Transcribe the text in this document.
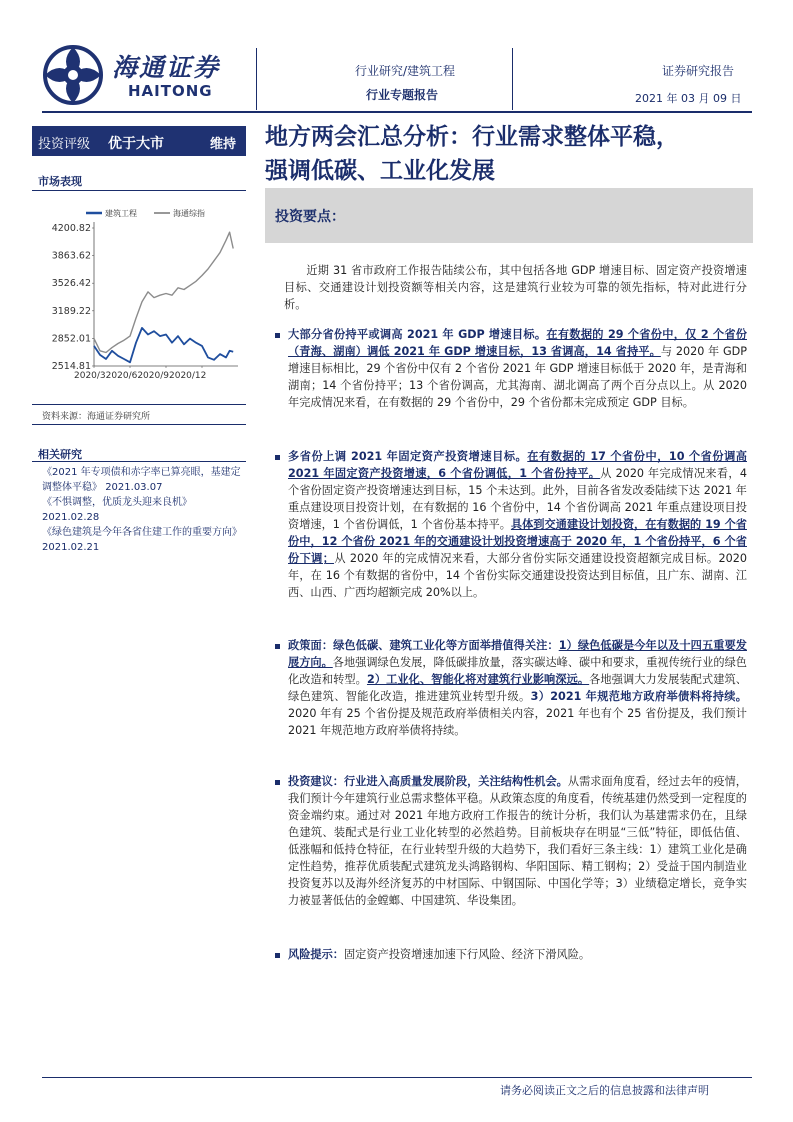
海通证券
HAITONG
行业研究/建筑工程
行业专题报告
证券研究报告
2021 年 03 月 09 日
投资评级 优于大市	维持
市场表现
4200.82
3863.62
3526.42
3189.22
2852.01
2514.81
2020/32020/62020/92020/12
建筑工程	海通综指
资料来源：海通证券研究所
相关研究
《2021 年专项债和赤字率已算亮眼，基建定调整体平稳》 2021.03.07
《不惧调整，优质龙头迎来良机》
2021.02.28
《绿色建筑是今年各省住建工作的重要方向》 2021.02.21
地方两会汇总分析：行业需求整体平稳，
强调低碳、工业化发展
投资要点：
近期 31 省市政府工作报告陆续公布，其中包括各地 GDP 增速目标、固定资产投资增速目标、交通建设计划投资额等相关内容，这是建筑行业较为可靠的领先指标，特对此进行分析。
大部分省份持平或调高 2021 年 GDP 增速目标。在有数据的 29 个省份中，仅 2 个省份（青海、湖南）调低 2021 年 GDP 增速目标，13 省调高，14 省持平。与 2020 年 GDP 增速目标相比，29 个省份中仅有 2 个省份 2021 年 GDP 增速目标低于 2020 年，是青海和湖南；14 个省份持平；13 个省份调高，尤其海南、湖北调高了两个百分点以上。从 2020 年完成情况来看，在有数据的 29 个省份中，29 个省份都未完成预定 GDP 目标。
多省份上调 2021 年固定资产投资增速目标。在有数据的 17 个省份中，10 个省份调高 2021 年固定资产投资增速，6 个省份调低，1 个省份持平。从 2020 年完成情况来看，4 个省份固定资产投资增速达到目标，15 个未达到。此外，目前各省发改委陆续下达 2021 年重点建设项目投资计划，在有数据的 16 个省份中，14 个省份调高 2021 年重点建设项目投资增速，1 个省份调低，1 个省份基本持平。具体到交通建设计划投资，在有数据的 19 个省份中，12 个省份 2021 年的交通建设计划投资增速高于 2020 年，1 个省份持平，6 个省份下调；从 2020 年的完成情况来看，大部分省份实际交通建设投资超额完成目标。2020 年，在 16 个有数据的省份中，14 个省份实际交通建设投资达到目标值，且广东、湖南、江西、山西、广西均超额完成 20%以上。
政策面：绿色低碳、建筑工业化等方面举措值得关注：1）绿色低碳是今年以及十四五重要发展方向。各地强调绿色发展，降低碳排放量，落实碳达峰、碳中和要求，重视传统行业的绿色化改造和转型。2）工业化、智能化将对建筑行业影响深远。各地强调大力发展装配式建筑、绿色建筑、智能化改造，推进建筑业转型升级。3）2021 年规范地方政府举债料将持续。2020 年有 25 个省份提及规范政府举债相关内容，2021 年也有个 25 省份提及，我们预计 2021 年规范地方政府举债将持续。
投资建议：行业进入高质量发展阶段，关注结构性机会。从需求面角度看，经过去年的疫情，我们预计今年建筑行业总需求整体平稳。从政策态度的角度看，传统基建仍然受到一定程度的资金端约束。通过对 2021 年地方政府工作报告的统计分析，我们认为基建需求仍在，且绿色建筑、装配式是行业工业化转型的必然趋势。目前板块存在明显“三低”特征，即低估值、低涨幅和低持仓特征，在行业转型升级的大趋势下，我们看好三条主线：1）建筑工业化是确定性趋势，推荐优质装配式建筑龙头鸿路钢构、华阳国际、精工钢构；2）受益于国内制造业投资复苏以及海外经济复苏的中材国际、中钢国际、中国化学等；3）业绩稳定增长，竞争实力被显著低估的金螳螂、中国建筑、华设集团。
风险提示：固定资产投资增速加速下行风险、经济下滑风险。
请务必阅读正文之后的信息披露和法律声明
